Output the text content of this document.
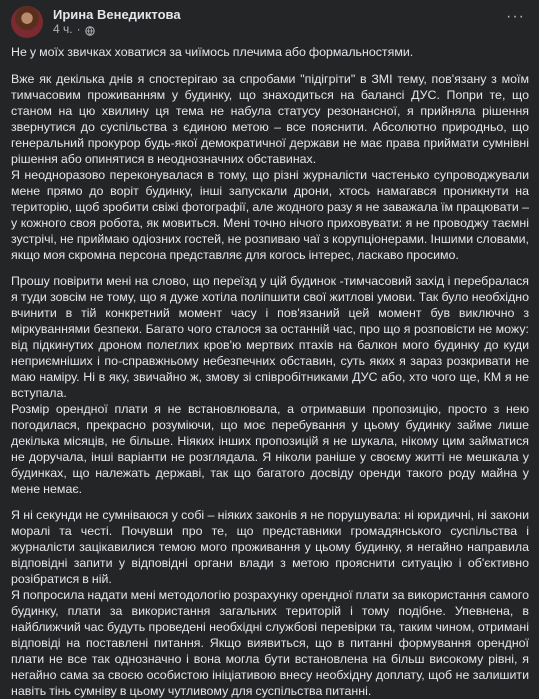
Ирина Венедиктова
4 ч. ·
···

Не у моїх звичках ховатися за чиїмось плечима або формальностями.

Вже як декілька днів я спостерігаю за спробами "підігріти" в ЗМІ тему, пов'язану з моїм тимчасовим проживанням у будинку, що знаходиться на балансі ДУС. Попри те, що станом на цю хвилину ця тема не набула статусу резонансної, я прийняла рішення звернутися до суспільства з єдиною метою – все пояснити. Абсолютно природньо, що генеральний прокурор будь-якої демократичної держави не має права приймати сумнівні рішення або опинятися в неоднозначних обставинах.

Я неодноразово переконувалася в тому, що різні журналісти частенько супроводжували мене прямо до воріт будинку, інші запускали дрони, хтось намагався проникнути на територію, щоб зробити свіжі фотографії, але жодного разу я не заважала їм працювати – у кожного своя робота, як мовиться. Мені точно нічого приховувати: я не проводжу таємні зустрічі, не приймаю одіозних гостей, не розпиваю чаї з корупціонерами. Іншими словами, якщо моя скромна персона представляє для когось інтерес, ласкаво просимо.

Прошу повірити мені на слово, що переїзд у цій будинок -тимчасовий захід і перебралася я туди зовсім не тому, що я дуже хотіла поліпшити свої житлові умови. Так було необхідно вчинити в тій конкретний момент часу і пов'язаний цей момент був виключно з міркуваннями безпеки. Багато чого сталося за останній час, про що я розповісти не можу: від підкинутих дроном полеглих кров'ю мертвих птахів на балкон мого будинку до куди неприємніших і по-справжньому небезпечних обставин, суть яких я зараз розкривати не маю наміру. Ні в яку, звичайно ж, змову зі співробітниками ДУС або, хто чого ще, КМ я не вступала.

Розмір орендної плати я не встановлювала, а отримавши пропозицію, просто з нею погодилася, прекрасно розуміючи, що моє перебування у цьому будинку займе лише декілька місяців, не більше. Ніяких інших пропозицій я не шукала, нікому цим займатися не доручала, інші варіанти не розглядала. Я ніколи раніше у своєму житті не мешкала у будинках, що належать державі, так що багатого досвіду оренди такого роду майна у мене немає.

Я ні секунди не сумніваюся у собі – ніяких законів я не порушувала: ні юридичні, ні закони моралі та честі. Почувши про те, що представники громадянського суспільства і журналісти зацікавилися темою мого проживання у цьому будинку, я негайно направила відповідні запити у відповідні органи влади з метою прояснити ситуацію і об'єктивно розібратися в ній.

Я попросила надати мені методологію розрахунку орендної плати за використання самого будинку, плати за використання загальних територій і тому подібне. Упевнена, в найближчий час будуть проведені необхідні службові перевірки та, таким чином, отримані відповіді на поставлені питання. Якщо виявиться, що в питанні формування орендної плати не все так однозначно і вона могла бути встановлена на більш високому рівні, я негайно сама за своєю особистою ініціативою внесу необхідну доплату, щоб не залишити навіть тінь сумніву в цьому чутливому для суспільства питанні.
